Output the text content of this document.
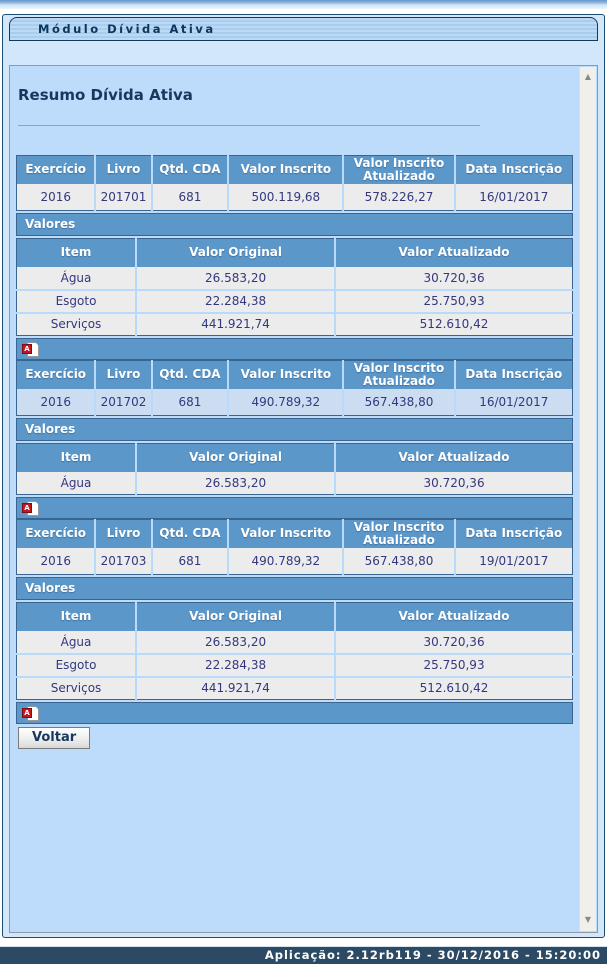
Módulo Dívida Ativa
Resumo Dívida Ativa
Exercício	Livro	Qtd. CDA	Valor Inscrito	Valor Inscrito Atualizado	Data Inscrição
2016	201701	681	500.119,68	578.226,27	16/01/2017
Valores
Item	Valor Original	Valor Atualizado
Água	26.583,20	30.720,36
Esgoto	22.284,38	25.750,93
Serviços	441.921,74	512.610,42
A
Exercício	Livro	Qtd. CDA	Valor Inscrito	Valor Inscrito Atualizado	Data Inscrição
2016	201702	681	490.789,32	567.438,80	16/01/2017
Valores
Item	Valor Original	Valor Atualizado
Água	26.583,20	30.720,36
A
Exercício	Livro	Qtd. CDA	Valor Inscrito	Valor Inscrito Atualizado	Data Inscrição
2016	201703	681	490.789,32	567.438,80	19/01/2017
Valores
Item	Valor Original	Valor Atualizado
Água	26.583,20	30.720,36
Esgoto	22.284,38	25.750,93
Serviços	441.921,74	512.610,42
A
Voltar
▲
▼
Aplicação: 2.12rb119 - 30/12/2016 - 15:20:00
